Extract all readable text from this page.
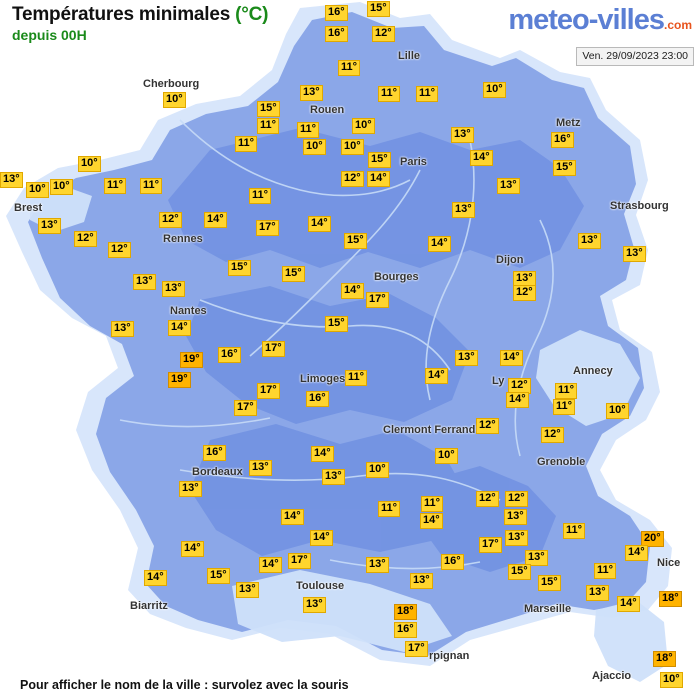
Températures minimales (°C)
depuis 00H	meteo-villes.com
Ven. 29/09/2023 23:00
Cherbourg
Lille
Rouen
Paris
Metz
Brest
Rennes
Strasbourg
Bourges
Dijon
Nantes
Limoges
Annecy
Ly
Clermont Ferrand
Grenoble
Bordeaux
Nice
Toulouse
Marseille
Biarritz
rpignan
Ajaccio
16° 15°
16°	12°
11°
11° 11°	10°
10°
13°
15°
11° 11°	10°
16°
13°
11°	10° 10°
15°	14°
15°
10°
12° 14°
13°
10° 10°	11° 11°
11°
13°
13°	12°	14°
17°	14°
13°
12°
12°
15°	14°	13°
13°
15°	15°
13°
13°
13°
12°
14°
17°
14°	15°
13°
19° 16° 17°
13°	14°
19°	11°	14°
12°	11°
17°
16°	14°
11°	10°
17°
12°
12°
10°
16°	14°
13°	10°
13°
13°
11°	12° 12°
14°
11°
14°	13°
11°
14°
17°
13°	20°
14°
14° 17°	13°	16°	13°
15°
14°
11°
15°
13°
13°	15°
14°
13°
13°
14° 18°
18°
16°
17°
18°
10°
Pour afficher le nom de la ville : survolez avec la souris
